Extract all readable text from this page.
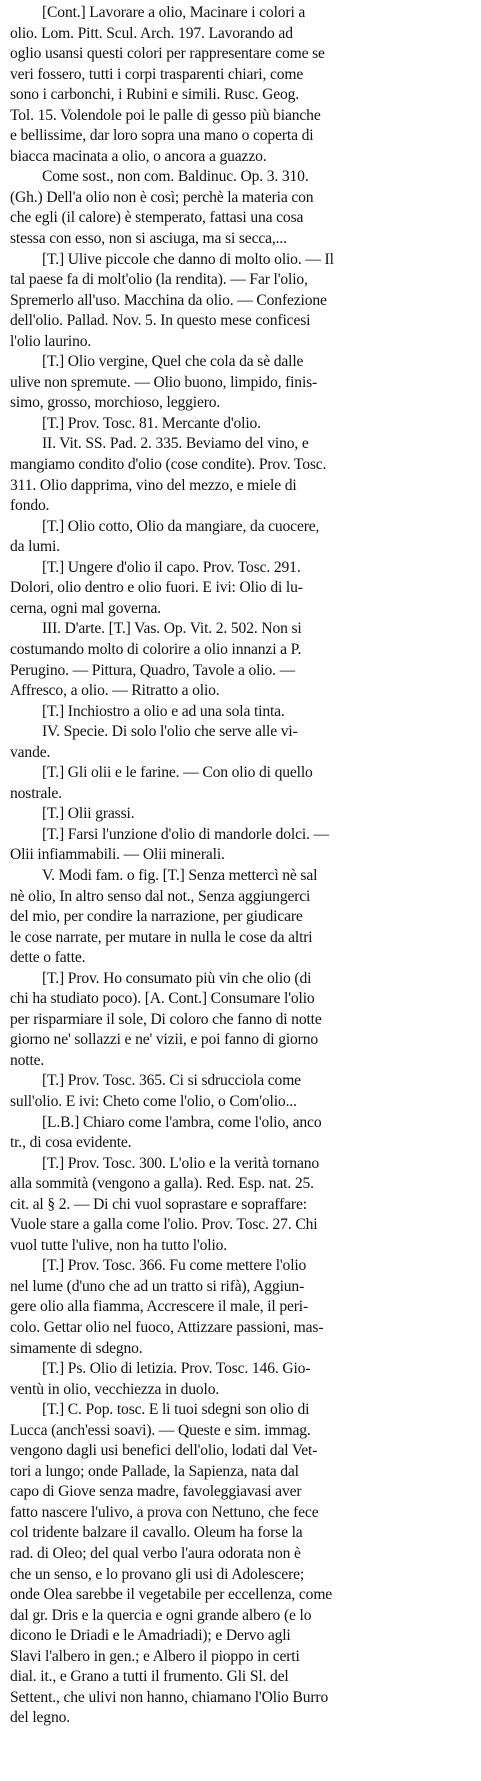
[Cont.] Lavorare a olio, Macinare i colori a
olio. Lom. Pitt. Scul. Arch. 197. Lavorando ad
oglio usansi questi colori per rappresentare come se
veri fossero, tutti i corpi trasparenti chiari, come
sono i carbonchi, i Rubini e simili. Rusc. Geog.
Tol. 15. Volendole poi le palle di gesso più bianche
e bellissime, dar loro sopra una mano o coperta di
biacca macinata a olio, o ancora a guazzo.
Come sost., non com. Baldinuc. Op. 3. 310.
(Gh.) Dell'a olio non è così; perchè la materia con
che egli (il calore) è stemperato, fattasi una cosa
stessa con esso, non si asciuga, ma si secca,...
[T.] Ulive piccole che danno di molto olio. — Il
tal paese fa di molt'olio (la rendita). — Far l'olio,
Spremerlo all'uso. Macchina da olio. — Confezione
dell'olio. Pallad. Nov. 5. In questo mese conficesi
l'olio laurino.
[T.] Olio vergine, Quel che cola da sè dalle
ulive non spremute. — Olio buono, limpido, finis-
simo, grosso, morchioso, leggiero.
[T.] Prov. Tosc. 81. Mercante d'olio.
II. Vit. SS. Pad. 2. 335. Beviamo del vino, e
mangiamo condito d'olio (cose condite). Prov. Tosc.
311. Olio dapprima, vino del mezzo, e miele di
fondo.
[T.] Olio cotto, Olio da mangiare, da cuocere,
da lumi.
[T.] Ungere d'olio il capo. Prov. Tosc. 291.
Dolori, olio dentro e olio fuori. E ivi: Olio di lu-
cerna, ogni mal governa.
III. D'arte. [T.] Vas. Op. Vit. 2. 502. Non si
costumando molto di colorire a olio innanzi a P.
Perugino. — Pittura, Quadro, Tavole a olio. —
Affresco, a olio. — Ritratto a olio.
[T.] Inchiostro a olio e ad una sola tinta.
IV. Specie. Di solo l'olio che serve alle vi-
vande.
[T.] Gli olii e le farine. — Con olio di quello
nostrale.
[T.] Olii grassi.
[T.] Farsi l'unzione d'olio di mandorle dolci. —
Olii infiammabili. — Olii minerali.
V. Modi fam. o fig. [T.] Senza mettercì nè sal
nè olio, In altro senso dal not., Senza aggiungerci
del mio, per condire la narrazione, per giudicare
le cose narrate, per mutare in nulla le cose da altri
dette o fatte.
[T.] Prov. Ho consumato più vin che olio (di
chi ha studiato poco). [A. Cont.] Consumare l'olio
per risparmiare il sole, Di coloro che fanno di notte
giorno ne' sollazzi e ne' vizii, e poi fanno di giorno
notte.
[T.] Prov. Tosc. 365. Ci si sdrucciola come
sull'olio. E ivi: Cheto come l'olio, o Com'olio...
[L.B.] Chiaro come l'ambra, come l'olio, anco
tr., di cosa evidente.
[T.] Prov. Tosc. 300. L'olio e la verità tornano
alla sommità (vengono a galla). Red. Esp. nat. 25.
cit. al § 2. — Di chi vuol soprastare e sopraffare:
Vuole stare a galla come l'olio. Prov. Tosc. 27. Chi
vuol tutte l'ulive, non ha tutto l'olio.
[T.] Prov. Tosc. 366. Fu come mettere l'olio
nel lume (d'uno che ad un tratto si rifà), Aggiun-
gere olio alla fiamma, Accrescere il male, il peri-
colo. Gettar olio nel fuoco, Attizzare passioni, mas-
simamente di sdegno.
[T.] Ps. Olio di letizia. Prov. Tosc. 146. Gio-
ventù in olio, vecchiezza in duolo.
[T.] C. Pop. tosc. E li tuoi sdegni son olio di
Lucca (anch'essi soavi). — Queste e sim. immag.
vengono dagli usi benefici dell'olio, lodati dal Vet-
tori a lungo; onde Pallade, la Sapienza, nata dal
capo di Giove senza madre, favoleggiavasi aver
fatto nascere l'ulivo, a prova con Nettuno, che fece
col tridente balzare il cavallo. Oleum ha forse la
rad. di Oleo; del qual verbo l'aura odorata non è
che un senso, e lo provano gli usi di Adolescere;
onde Olea sarebbe il vegetabile per eccellenza, come
dal gr. Dris e la quercia e ogni grande albero (e lo
dicono le Driadi e le Amadriadi); e Dervo agli
Slavi l'albero in gen.; e Albero il pioppo in certi
dial. it., e Grano a tutti il frumento. Gli Sl. del
Settent., che ulivi non hanno, chiamano l'Olio Burro
del legno.
